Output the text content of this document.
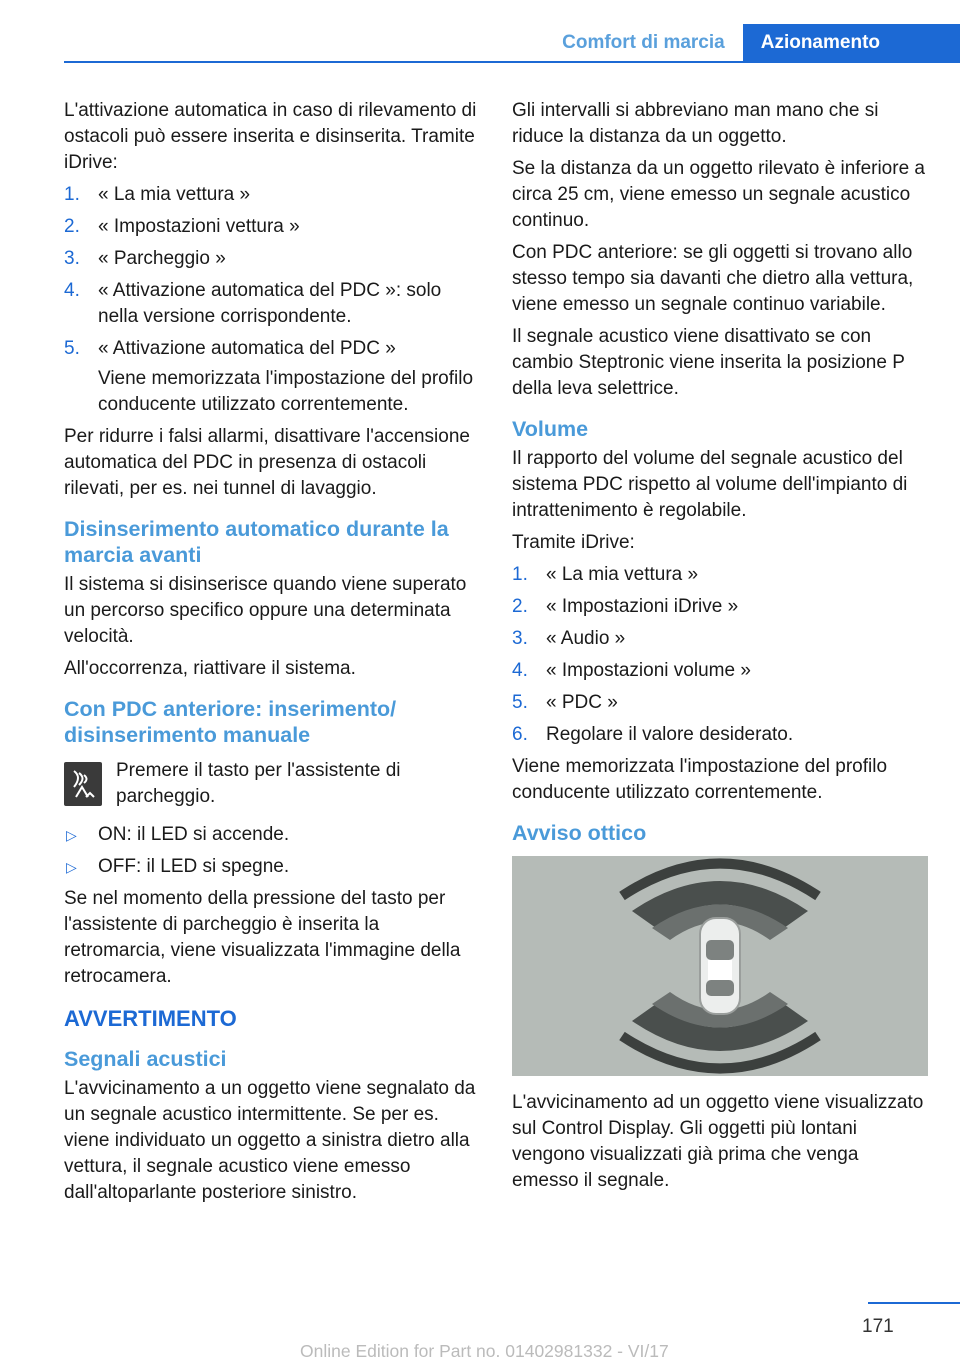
Comfort di marcia	Azionamento

L'attivazione automatica in caso di rilevamento di ostacoli può essere inserita e disinserita. Tramite iDrive:

1. « La mia vettura »
2. « Impostazioni vettura »
3. « Parcheggio »
4. « Attivazione automatica del PDC »: solo nella versione corrispondente.
5. « Attivazione automatica del PDC »
Viene memorizzata l'impostazione del profilo conducente utilizzato correntemente.

Per ridurre i falsi allarmi, disattivare l'accensione automatica del PDC in presenza di ostacoli rilevati, per es. nei tunnel di lavaggio.

Disinserimento automatico durante la marcia avanti

Il sistema si disinserisce quando viene superato un percorso specifico oppure una determinata velocità.

All'occorrenza, riattivare il sistema.

Con PDC anteriore: inserimento/ disinserimento manuale
Premere il tasto per l'assistente di parcheggio.
▷ ON: il LED si accende.
▷ OFF: il LED si spegne.

Se nel momento della pressione del tasto per l'assistente di parcheggio è inserita la retromarcia, viene visualizzata l'immagine della retrocamera.

AVVERTIMENTO
Segnali acustici

L'avvicinamento a un oggetto viene segnalato da un segnale acustico intermittente. Se per es. viene individuato un oggetto a sinistra dietro alla vettura, il segnale acustico viene emesso dall'altoparlante posteriore sinistro.

Gli intervalli si abbreviano man mano che si riduce la distanza da un oggetto.

Se la distanza da un oggetto rilevato è inferiore a circa 25 cm, viene emesso un segnale acustico continuo.

Con PDC anteriore: se gli oggetti si trovano allo stesso tempo sia davanti che dietro alla vettura, viene emesso un segnale continuo variabile.

Il segnale acustico viene disattivato se con cambio Steptronic viene inserita la posizione P della leva selettrice.

Volume

Il rapporto del volume del segnale acustico del sistema PDC rispetto al volume dell'impianto di intrattenimento è regolabile.

Tramite iDrive:

1. « La mia vettura »
2. « Impostazioni iDrive »
3. « Audio »
4. « Impostazioni volume »
5. « PDC »
6. Regolare il valore desiderato.

Viene memorizzata l'impostazione del profilo conducente utilizzato correntemente.

Avviso ottico

L'avvicinamento ad un oggetto viene visualizzato sul Control Display. Gli oggetti più lontani vengono visualizzati già prima che venga emesso il segnale.

171
Online Edition for Part no. 01402981332 - VI/17
